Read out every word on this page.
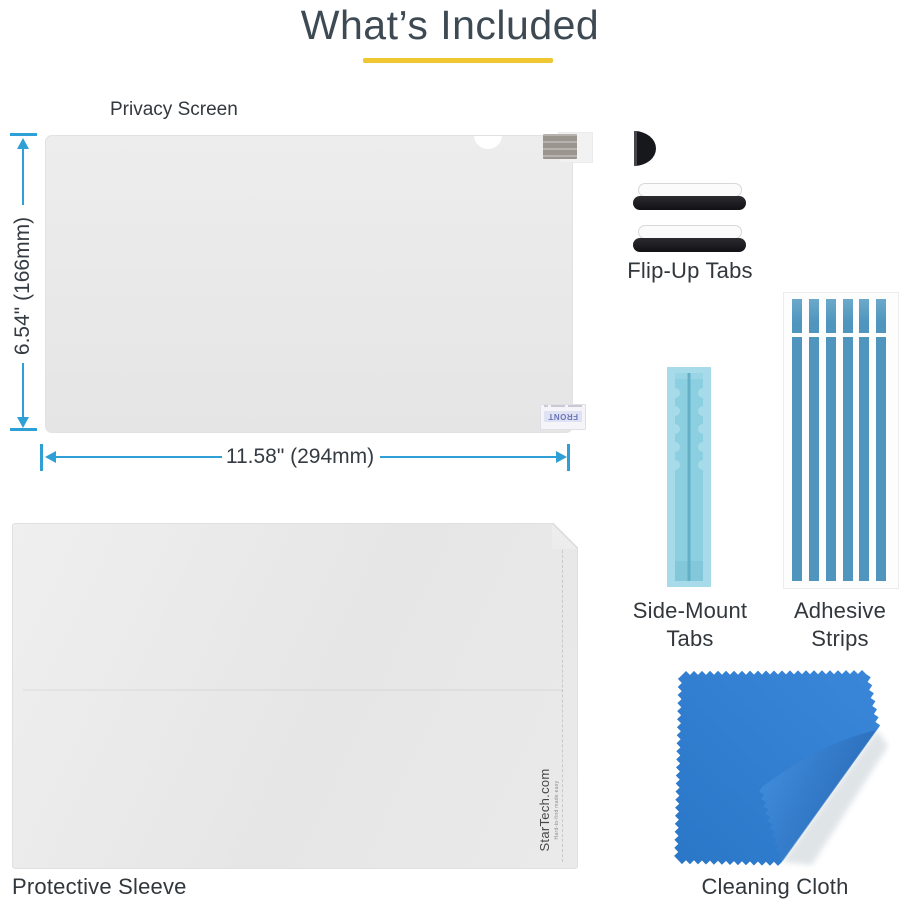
What’s Included
Privacy Screen
FRONT
6.54" (166mm)
11.58" (294mm)
Flip-Up Tabs
Side-Mount
Tabs
Adhesive
Strips
StarTech.com Hard-to-find made easy
Protective Sleeve	Cleaning Cloth
